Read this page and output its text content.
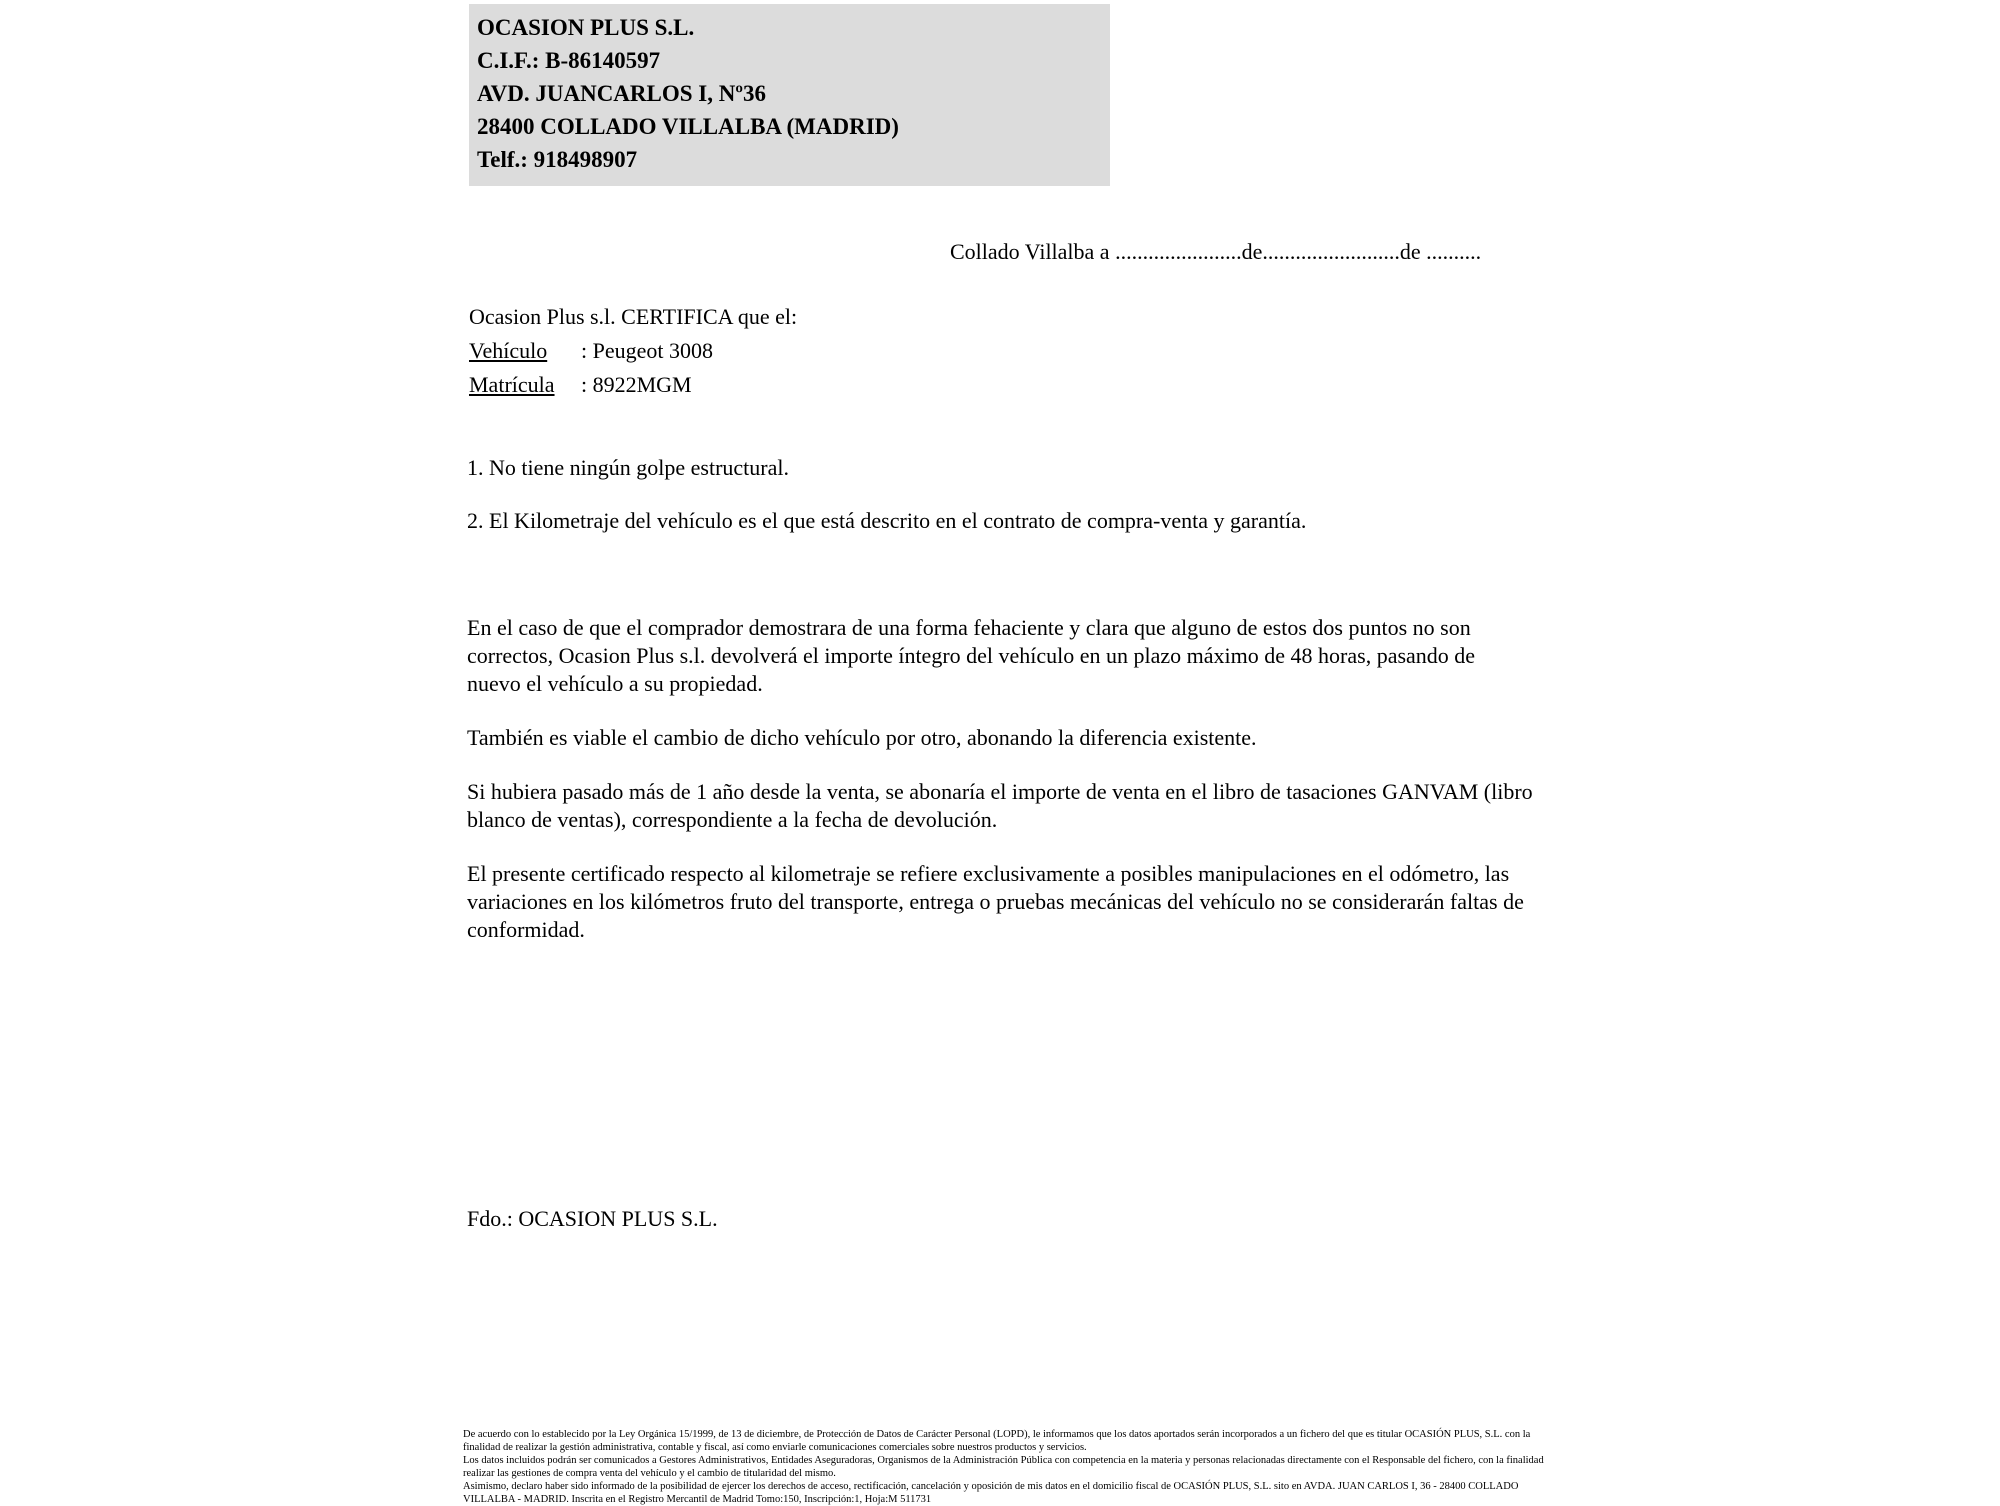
OCASION PLUS S.L.
C.I.F.: B-86140597
AVD. JUANCARLOS I, Nº36
28400 COLLADO VILLALBA (MADRID)
Telf.: 918498907
Collado Villalba a .......................de.........................de ..........
Ocasion Plus s.l. CERTIFICA que el:
Vehículo : Peugeot 3008
Matrícula : 8922MGM
1. No tiene ningún golpe estructural.
2. El Kilometraje del vehículo es el que está descrito en el contrato de compra-venta y garantía.

En el caso de que el comprador demostrara de una forma fehaciente y clara que alguno de estos dos puntos no son correctos, Ocasion Plus s.l. devolverá el importe íntegro del vehículo en un plazo máximo de 48 horas, pasando de nuevo el vehículo a su propiedad.

También es viable el cambio de dicho vehículo por otro, abonando la diferencia existente.

Si hubiera pasado más de 1 año desde la venta, se abonaría el importe de venta en el libro de tasaciones GANVAM (libro blanco de ventas), correspondiente a la fecha de devolución.

El presente certificado respecto al kilometraje se refiere exclusivamente a posibles manipulaciones en el odómetro, las variaciones en los kilómetros fruto del transporte, entrega o pruebas mecánicas del vehículo no se considerarán faltas de conformidad.

Fdo.: OCASION PLUS S.L.

De acuerdo con lo establecido por la Ley Orgánica 15/1999, de 13 de diciembre, de Protección de Datos de Carácter Personal (LOPD), le informamos que los datos aportados serán incorporados a un fichero del que es titular OCASIÓN PLUS, S.L. con la finalidad de realizar la gestión administrativa, contable y fiscal, así como enviarle comunicaciones comerciales sobre nuestros productos y servicios.

Los datos incluidos podrán ser comunicados a Gestores Administrativos, Entidades Aseguradoras, Organismos de la Administración Pública con competencia en la materia y personas relacionadas directamente con el Responsable del fichero, con la finalidad realizar las gestiones de compra venta del vehículo y el cambio de titularidad del mismo.

Asimismo, declaro haber sido informado de la posibilidad de ejercer los derechos de acceso, rectificación, cancelación y oposición de mis datos en el domicilio fiscal de OCASIÓN PLUS, S.L. sito en AVDA. JUAN CARLOS I, 36 - 28400 COLLADO VILLALBA - MADRID. Inscrita en el Registro Mercantil de Madrid Tomo:150, Inscripción:1, Hoja:M 511731
